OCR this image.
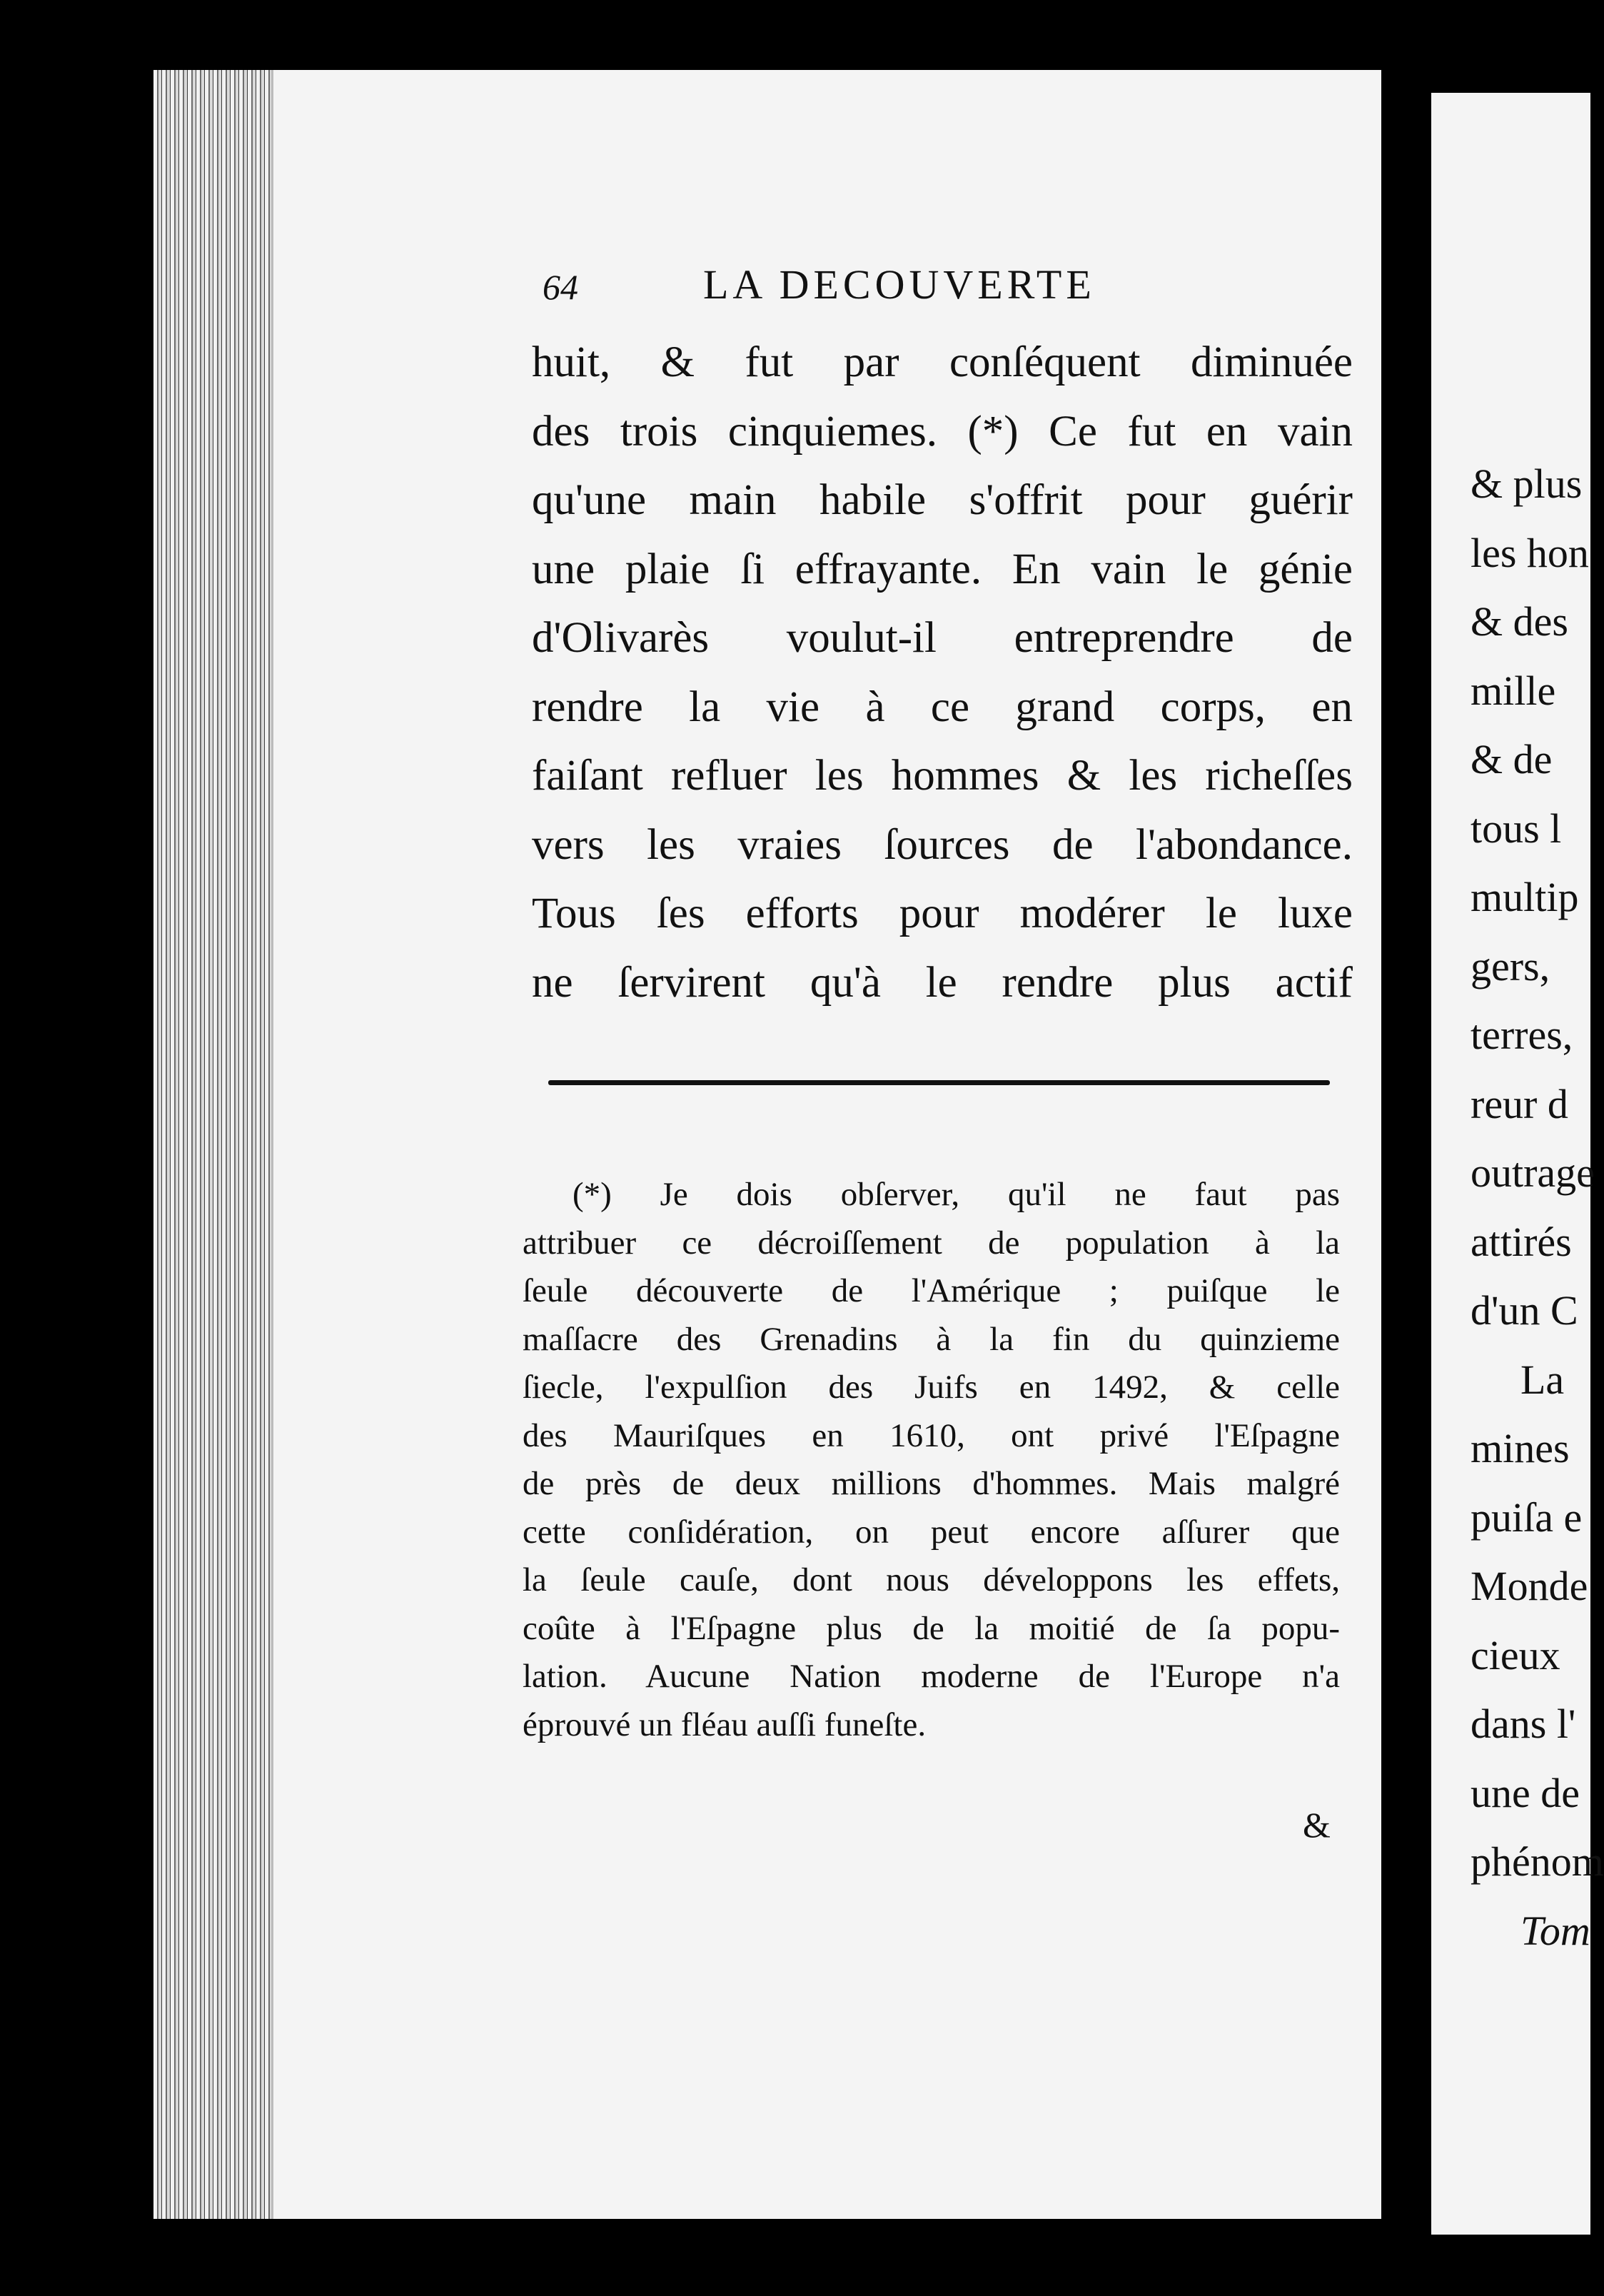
64	LA DECOUVERTE
huit, & fut par conſéquent diminuée
des trois cinquiemes. (*) Ce fut en vain
qu'une main habile s'offrit pour guérir
une plaie ſi effrayante. En vain le génie
d'Olivarès voulut-il entreprendre de
rendre la vie à ce grand corps, en
faiſant refluer les hommes & les richeſſes
vers les vraies ſources de l'abondance.
Tous ſes efforts pour modérer le luxe
ne ſervirent qu'à le rendre plus actif
(*) Je dois obſerver, qu'il ne faut pas
attribuer ce décroiſſement de population à la
ſeule découverte de l'Amérique ; puiſque le
maſſacre des Grenadins à la fin du quinzieme
ſiecle, l'expulſion des Juifs en 1492, & celle
des Mauriſques en 1610, ont privé l'Eſpagne
de près de deux millions d'hommes. Mais malgré
cette conſidération, on peut encore aſſurer que
la ſeule cauſe, dont nous développons les effets,
coûte à l'Eſpagne plus de la moitié de ſa popu-
lation. Aucune Nation moderne de l'Europe n'a
éprouvé un fléau auſſi funeſte.
&
& plus
les hon
& des
mille
& de
tous l
multip
gers,
terres,
reur d
outrage
attirés
d'un C
La
mines
puiſa e
Monde
cieux
dans l'
une de
phénom
Tom
